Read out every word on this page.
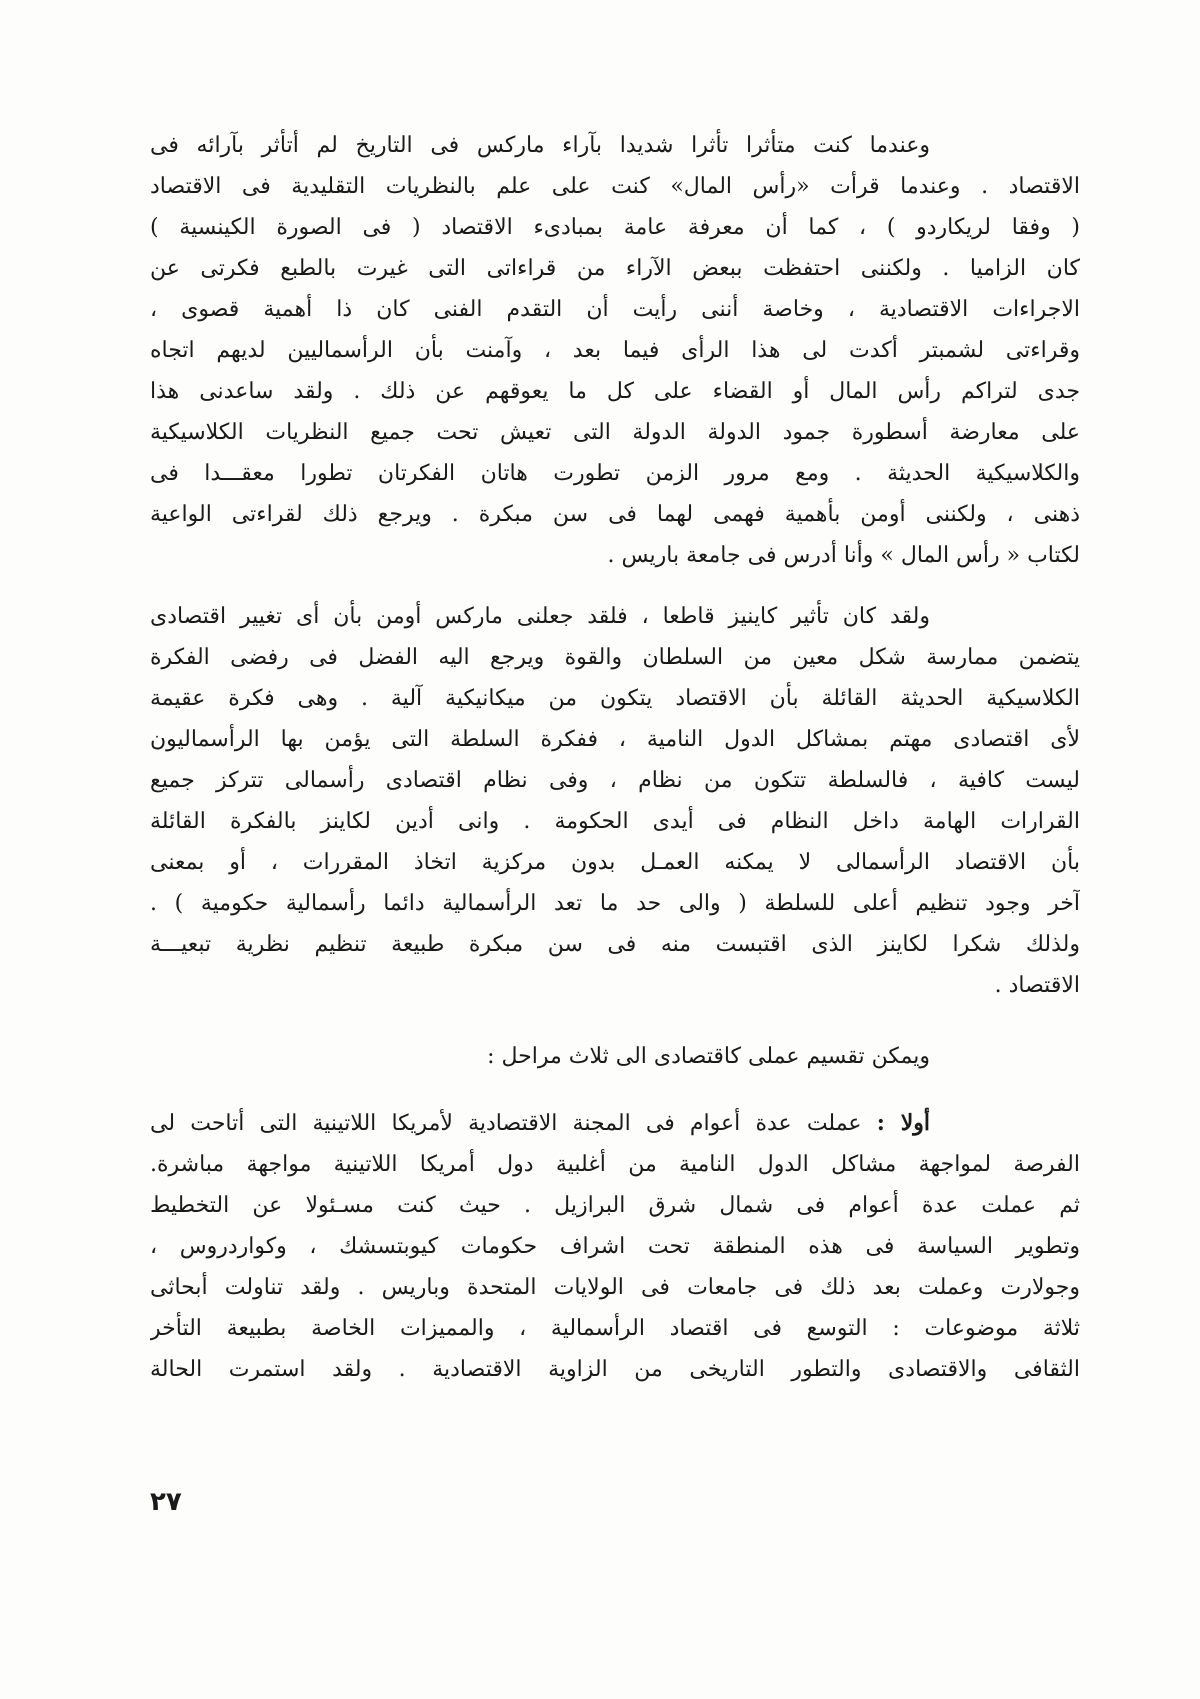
وعندما كنت متأثرا تأثرا شديدا بآراء ماركس فى التاريخ لم أتأثر بآرائه فى
الاقتصاد . وعندما قرأت «رأس المال» كنت على علم بالنظريات التقليدية فى الاقتصاد
( وفقا لريكاردو ) ، كما أن معرفة عامة بمبادىء الاقتصاد ( فى الصورة الكينسية )
كان الزاميا . ولكننى احتفظت ببعض الآراء من قراءاتى التى غيرت بالطبع فكرتى عن
الاجراءات الاقتصادية ، وخاصة أننى رأيت أن التقدم الفنى كان ذا أهمية قصوى ،
وقراءتى لشمبتر أكدت لى هذا الرأى فيما بعد ، وآمنت بأن الرأسماليين لديهم اتجاه
جدى لتراكم رأس المال أو القضاء على كل ما يعوقهم عن ذلك . ولقد ساعدنى هذا
على معارضة أسطورة جمود الدولة الدولة التى تعيش تحت جميع النظريات الكلاسيكية
والكلاسيكية الحديثة . ومع مرور الزمن تطورت هاتان الفكرتان تطورا معقـــدا فى
ذهنى ، ولكننى أومن بأهمية فهمى لهما فى سن مبكرة . ويرجع ذلك لقراءتى الواعية
لكتاب « رأس المال » وأنا أدرس فى جامعة باريس .
ولقد كان تأثير كاينيز قاطعا ، فلقد جعلنى ماركس أومن بأن أى تغيير اقتصادى
يتضمن ممارسة شكل معين من السلطان والقوة ويرجع اليه الفضل فى رفضى الفكرة
الكلاسيكية الحديثة القائلة بأن الاقتصاد يتكون من ميكانيكية آلية . وهى فكرة عقيمة
لأى اقتصادى مهتم بمشاكل الدول النامية ، ففكرة السلطة التى يؤمن بها الرأسماليون
ليست كافية ، فالسلطة تتكون من نظام ، وفى نظام اقتصادى رأسمالى تتركز جميع
القرارات الهامة داخل النظام فى أيدى الحكومة . وانى أدين لكاينز بالفكرة القائلة
بأن الاقتصاد الرأسمالى لا يمكنه العمـل بدون مركزية اتخاذ المقررات ، أو بمعنى
آخر وجود تنظيم أعلى للسلطة ( والى حد ما تعد الرأسمالية دائما رأسمالية حكومية ) .
ولذلك شكرا لكاينز الذى اقتبست منه فى سن مبكرة طبيعة تنظيم نظرية تبعيـــة
الاقتصاد .
ويمكن تقسيم عملى كاقتصادى الى ثلاث مراحل :
أولا : عملت عدة أعوام فى المجنة الاقتصادية لأمريكا اللاتينية التى أتاحت لى
الفرصة لمواجهة مشاكل الدول النامية من أغلبية دول أمريكا اللاتينية مواجهة مباشرة.
ثم عملت عدة أعوام فى شمال شرق البرازيل . حيث كنت مسـئولا عن التخطيط
وتطوير السياسة فى هذه المنطقة تحت اشراف حكومات كيوبتسشك ، وكواردروس ،
وجولارت وعملت بعد ذلك فى جامعات فى الولايات المتحدة وباريس . ولقد تناولت أبحاثى
ثلاثة موضوعات : التوسع فى اقتصاد الرأسمالية ، والمميزات الخاصة بطبيعة التأخر
الثقافى والاقتصادى والتطور التاريخى من الزاوية الاقتصادية . ولقد استمرت الحالة
٢٧
